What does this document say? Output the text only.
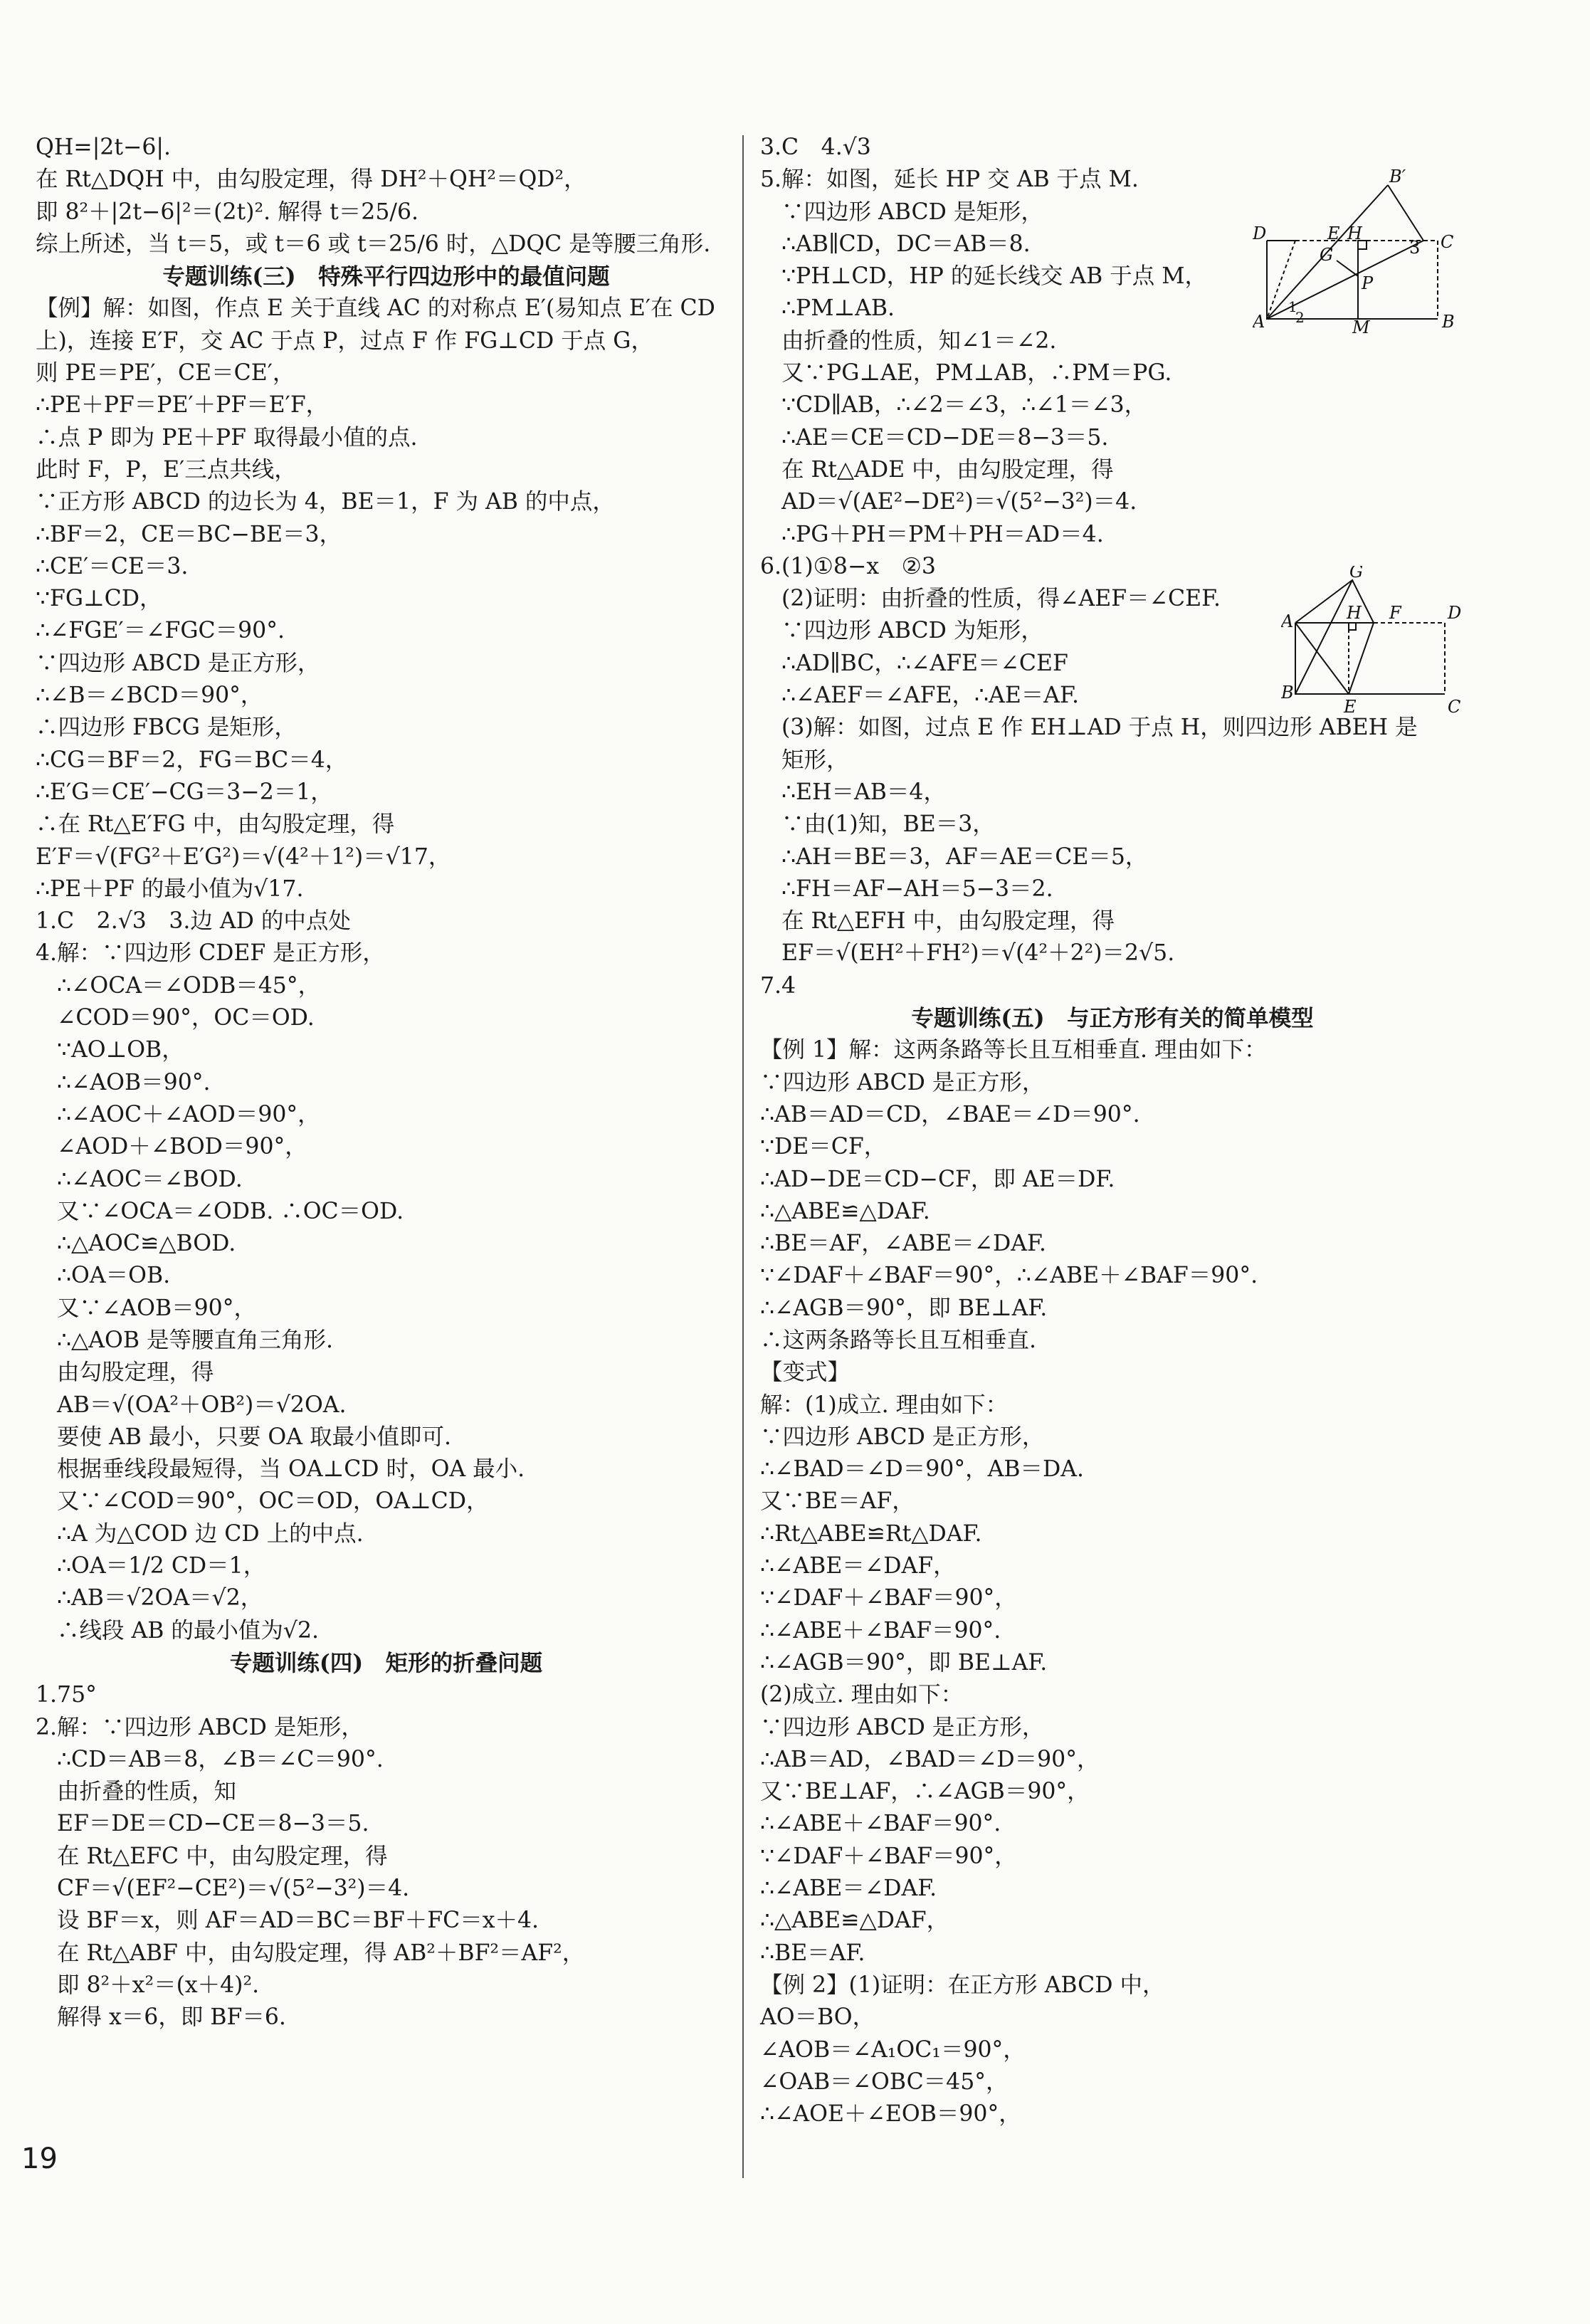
QH=|2t−6|.
在 Rt△DQH 中，由勾股定理，得 DH²＋QH²＝QD²，
即 8²＋|2t−6|²＝(2t)². 解得 t＝25/6.
综上所述，当 t＝5，或 t＝6 或 t＝25/6 时，△DQC 是等腰三角形.
专题训练(三)　特殊平行四边形中的最值问题
【例】解：如图，作点 E 关于直线 AC 的对称点 E′(易知点 E′在 CD
上)，连接 E′F，交 AC 于点 P，过点 F 作 FG⊥CD 于点 G，
则 PE＝PE′，CE＝CE′，
∴PE＋PF＝PE′＋PF＝E′F，
∴点 P 即为 PE＋PF 取得最小值的点.
此时 F，P，E′三点共线，
∵正方形 ABCD 的边长为 4，BE＝1，F 为 AB 的中点，
∴BF＝2，CE＝BC−BE＝3，
∴CE′＝CE＝3.
∵FG⊥CD，
∴∠FGE′＝∠FGC＝90°.
∵四边形 ABCD 是正方形，
∴∠B＝∠BCD＝90°，
∴四边形 FBCG 是矩形，
∴CG＝BF＝2，FG＝BC＝4，
∴E′G＝CE′−CG＝3−2＝1，
∴在 Rt△E′FG 中，由勾股定理，得
E′F＝√(FG²＋E′G²)＝√(4²＋1²)＝√17，
∴PE＋PF 的最小值为√17.
1.C　2.√3　3.边 AD 的中点处
4.解：∵四边形 CDEF 是正方形，
∴∠OCA＝∠ODB＝45°，
∠COD＝90°，OC＝OD.
∵AO⊥OB，
∴∠AOB＝90°.
∴∠AOC＋∠AOD＝90°，
∠AOD＋∠BOD＝90°，
∴∠AOC＝∠BOD.
又∵∠OCA＝∠ODB. ∴OC＝OD.
∴△AOC≌△BOD.
∴OA＝OB.
又∵∠AOB＝90°，
∴△AOB 是等腰直角三角形.
由勾股定理，得
AB＝√(OA²＋OB²)＝√2OA.
要使 AB 最小，只要 OA 取最小值即可.
根据垂线段最短得，当 OA⊥CD 时，OA 最小.
又∵∠COD＝90°，OC＝OD，OA⊥CD，
∴A 为△COD 边 CD 上的中点.
∴OA＝1/2 CD＝1，
∴AB＝√2OA＝√2，
∴线段 AB 的最小值为√2.
专题训练(四)　矩形的折叠问题
1.75°
2.解：∵四边形 ABCD 是矩形，
∴CD＝AB＝8，∠B＝∠C＝90°.
由折叠的性质，知
EF＝DE＝CD−CE＝8−3＝5.
在 Rt△EFC 中，由勾股定理，得
CF＝√(EF²−CE²)＝√(5²−3²)＝4.
设 BF＝x，则 AF＝AD＝BC＝BF＋FC＝x＋4.
在 Rt△ABF 中，由勾股定理，得 AB²＋BF²＝AF²，
即 8²＋x²＝(x＋4)².
解得 x＝6，即 BF＝6.
3.C　4.√3
5.解：如图，延长 HP 交 AB 于点 M.
∵四边形 ABCD 是矩形，
∴AB∥CD，DC＝AB＝8.
∵PH⊥CD，HP 的延长线交 AB 于点 M，
∴PM⊥AB.
由折叠的性质，知∠1＝∠2.
又∵PG⊥AE，PM⊥AB，∴PM＝PG.
∵CD∥AB，∴∠2＝∠3，∴∠1＝∠3，
∴AE＝CE＝CD−DE＝8−3＝5.
在 Rt△ADE 中，由勾股定理，得
AD＝√(AE²−DE²)＝√(5²−3²)＝4.
∴PG＋PH＝PM＋PH＝AD＝4.
6.(1)①8−x　②3
(2)证明：由折叠的性质，得∠AEF＝∠CEF.
∵四边形 ABCD 为矩形，
∴AD∥BC，∴∠AFE＝∠CEF
∴∠AEF＝∠AFE，∴AE＝AF.
(3)解：如图，过点 E 作 EH⊥AD 于点 H，则四边形 ABEH 是
矩形，
∴EH＝AB＝4，
∵由(1)知，BE＝3，
∴AH＝BE＝3，AF＝AE＝CE＝5，
∴FH＝AF−AH＝5−3＝2.
在 Rt△EFH 中，由勾股定理，得
EF＝√(EH²＋FH²)＝√(4²＋2²)＝2√5.
7.4
专题训练(五)　与正方形有关的简单模型
【例 1】解：这两条路等长且互相垂直. 理由如下：
∵四边形 ABCD 是正方形，
∴AB＝AD＝CD，∠BAE＝∠D＝90°.
∵DE＝CF，
∴AD−DE＝CD−CF，即 AE＝DF.
∴△ABE≌△DAF.
∴BE＝AF，∠ABE＝∠DAF.
∵∠DAF＋∠BAF＝90°，∴∠ABE＋∠BAF＝90°.
∴∠AGB＝90°，即 BE⊥AF.
∴这两条路等长且互相垂直.
【变式】
解：(1)成立. 理由如下：
∵四边形 ABCD 是正方形，
∴∠BAD＝∠D＝90°，AB＝DA.
又∵BE＝AF，
∴Rt△ABE≌Rt△DAF.
∴∠ABE＝∠DAF，
∵∠DAF＋∠BAF＝90°，
∴∠ABE＋∠BAF＝90°.
∴∠AGB＝90°，即 BE⊥AF.
(2)成立. 理由如下：
∵四边形 ABCD 是正方形，
∴AB＝AD，∠BAD＝∠D＝90°，
又∵BE⊥AF，∴∠AGB＝90°，
∴∠ABE＋∠BAF＝90°.
∵∠DAF＋∠BAF＝90°，
∴∠ABE＝∠DAF.
∴△ABE≌△DAF，
∴BE＝AF.
【例 2】(1)证明：在正方形 ABCD 中，
AO＝BO，
∠AOB＝∠A₁OC₁＝90°，
∠OAB＝∠OBC＝45°，
∴∠AOE＋∠EOB＝90°，
B′
D	E H	C
G	3
P
A
1
2	M	B
G
A	H F	D
B
E	C
19
